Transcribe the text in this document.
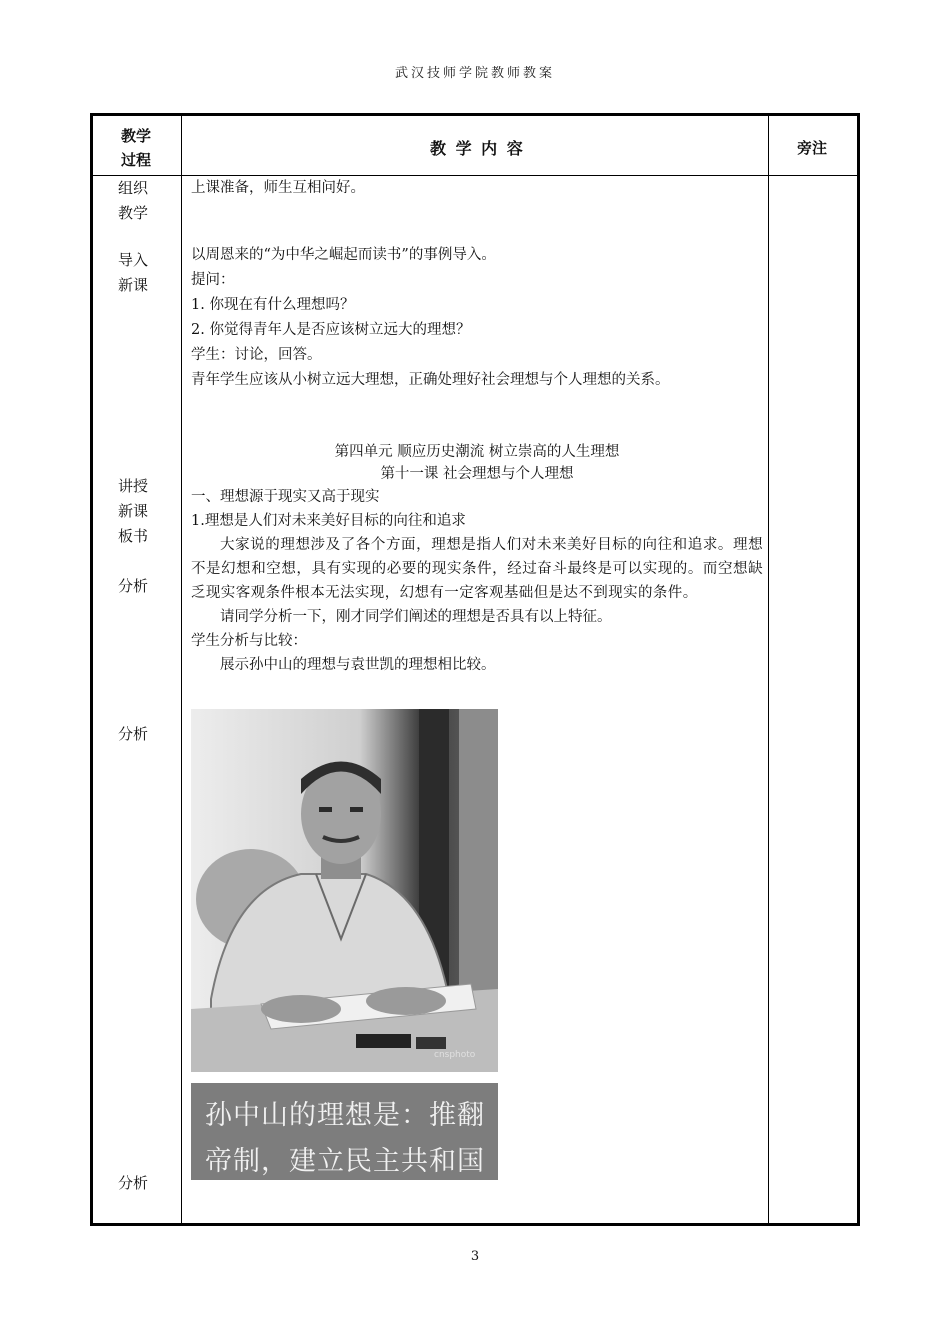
武汉技师学院教师教案
教学
过程
教 学 内 容	旁注
组织
教学
导入
新课
讲授
新课
板书
分析
分析
分析

上课准备，师生互相问好。

以周恩来的“为中华之崛起而读书”的事例导入。

提问：

1. 你现在有什么理想吗？

2. 你觉得青年人是否应该树立远大的理想？

学生：讨论，回答。

青年学生应该从小树立远大理想，正确处理好社会理想与个人理想的关系。

第四单元 顺应历史潮流 树立崇高的人生理想

第十一课 社会理想与个人理想

一、理想源于现实又高于现实

1.理想是人们对未来美好目标的向往和追求

大家说的理想涉及了各个方面，理想是指人们对未来美好目标的向往和追求。理想不是幻想和空想，具有实现的必要的现实条件，经过奋斗最终是可以实现的。而空想缺乏现实客观条件根本无法实现，幻想有一定客观基础但是达不到现实的条件。

请同学分析一下，刚才同学们阐述的理想是否具有以上特征。

学生分析与比较：

展示孙中山的理想与袁世凯的理想相比较。

cnsphoto
孙中山的理想是：推翻
帝制，建立民主共和国
3
